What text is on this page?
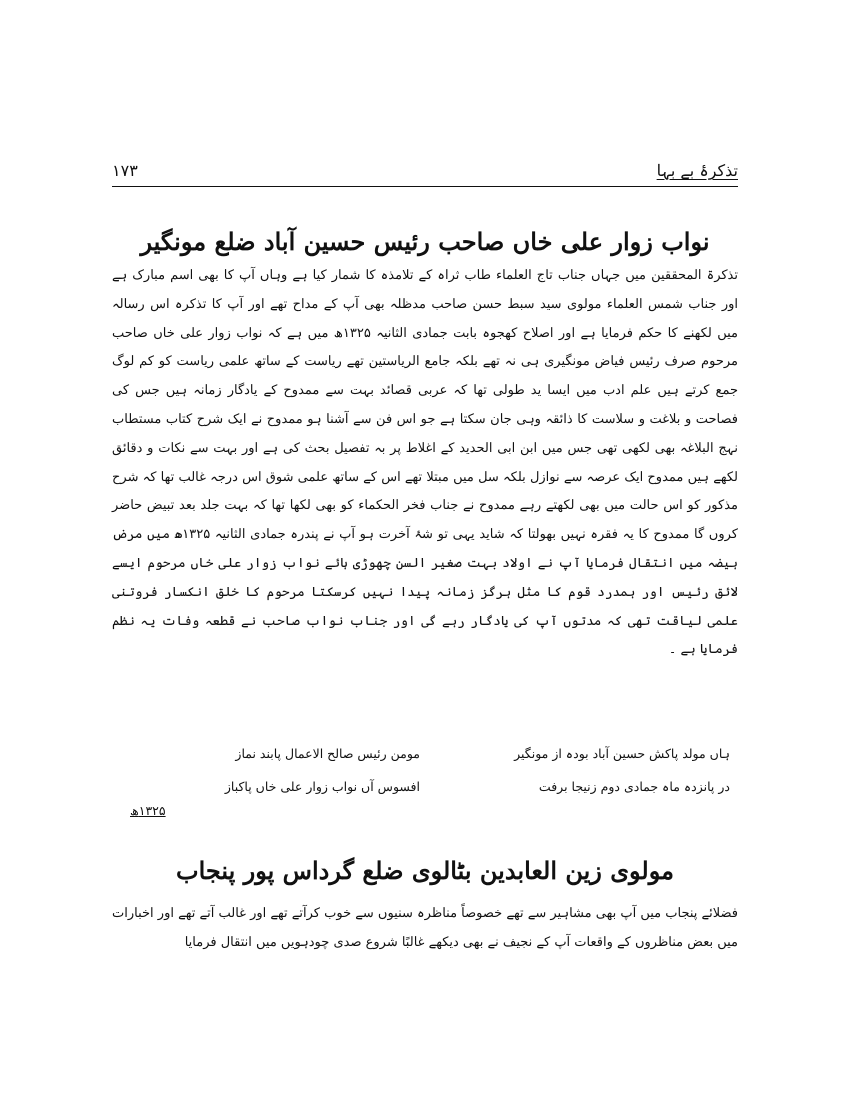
تذکرۂ بے بہا
۱۷۳
نواب زوار علی خاں صاحب رئیس حسین آباد ضلع مونگیر
تذکرۃ المحققین میں جہاں جناب تاج العلماء طاب ثراہ کے تلامذہ کا شمار کیا ہے وہاں آپ کا بھی اسم مبارک ہے اور جناب شمس العلماء مولوی سید سبط حسن صاحب مدظلہ بھی آپ کے مداح تھے اور آپ کا تذکرہ اس رسالہ میں لکھنے کا حکم فرمایا ہے اور اصلاح کھجوہ بابت جمادی الثانیہ ۱۳۲۵ھ میں ہے کہ نواب زوار علی خاں صاحب مرحوم صرف رئیس فیاض مونگیری ہی نہ تھے بلکہ جامع الریاستین تھے ریاست کے ساتھ علمی ریاست کو کم لوگ جمع کرتے ہیں علم ادب میں ایسا ید طولی تھا کہ عربی قصائد بہت سے ممدوح کے یادگار زمانہ ہیں جس کی فصاحت و بلاغت و سلاست کا ذائقہ وہی جان سکتا ہے جو اس فن سے آشنا ہو ممدوح نے ایک شرح کتاب مستطاب نہج البلاغہ بھی لکھی تھی جس میں ابن ابی الحدید کے اغلاط پر بہ تفصیل بحث کی ہے اور بہت سے نکات و دقائق لکھے ہیں ممدوح ایک عرصہ سے نوازل بلکہ سل میں مبتلا تھے اس کے ساتھ علمی شوق اس درجہ غالب تھا کہ شرح مذکور کو اس حالت میں بھی لکھتے رہے ممدوح نے جناب فخر الحکماء کو بھی لکھا تھا کہ بہت جلد بعد تبیض حاضر کروں گا ممدوح کا یہ فقرہ نہیں بھولتا کہ شاید یہی تو شۂ آخرت ہو آپ نے پندرہ جمادی الثانیہ ۱۳۲۵ھ میں مرض ہیضہ میں انتقال فرمایا آپ نے اولاد بہت صغیر السن چھوڑی ہائے نواب زوار علی خاں مرحوم ایسے لائق رئیس اور ہمدرد قوم کا مثل ہرگز زمانہ پیدا نہیں کرسکتا مرحوم کا خلق انکسار فروتنی علمی لیاقت تھی کہ مدتوں آپ کی یادگار رہے گی اور جناب نواب صاحب نے قطعہ وفات یہ نظم فرمایا ہے ۔
ہاں مولد پاکش حسین آباد بودہ از مونگیر
مومن رئیس صالح الاعمال پابند نماز
در پانزدہ ماہ جمادی دوم زنیجا برفت
افسوس آں نواب زوار علی خاں پاکباز
۱۳۲۵ھ
مولوی زین العابدین بٹالوی ضلع گرداس پور پنجاب
فضلائے پنجاب میں آپ بھی مشاہیر سے تھے خصوصاً مناظرہ سنیوں سے خوب کرآتے تھے اور غالب آتے تھے اور اخبارات میں بعض مناظروں کے واقعات آپ کے نجیف نے بھی دیکھے غالبًا شروع صدی چودہویں میں انتقال فرمایا
